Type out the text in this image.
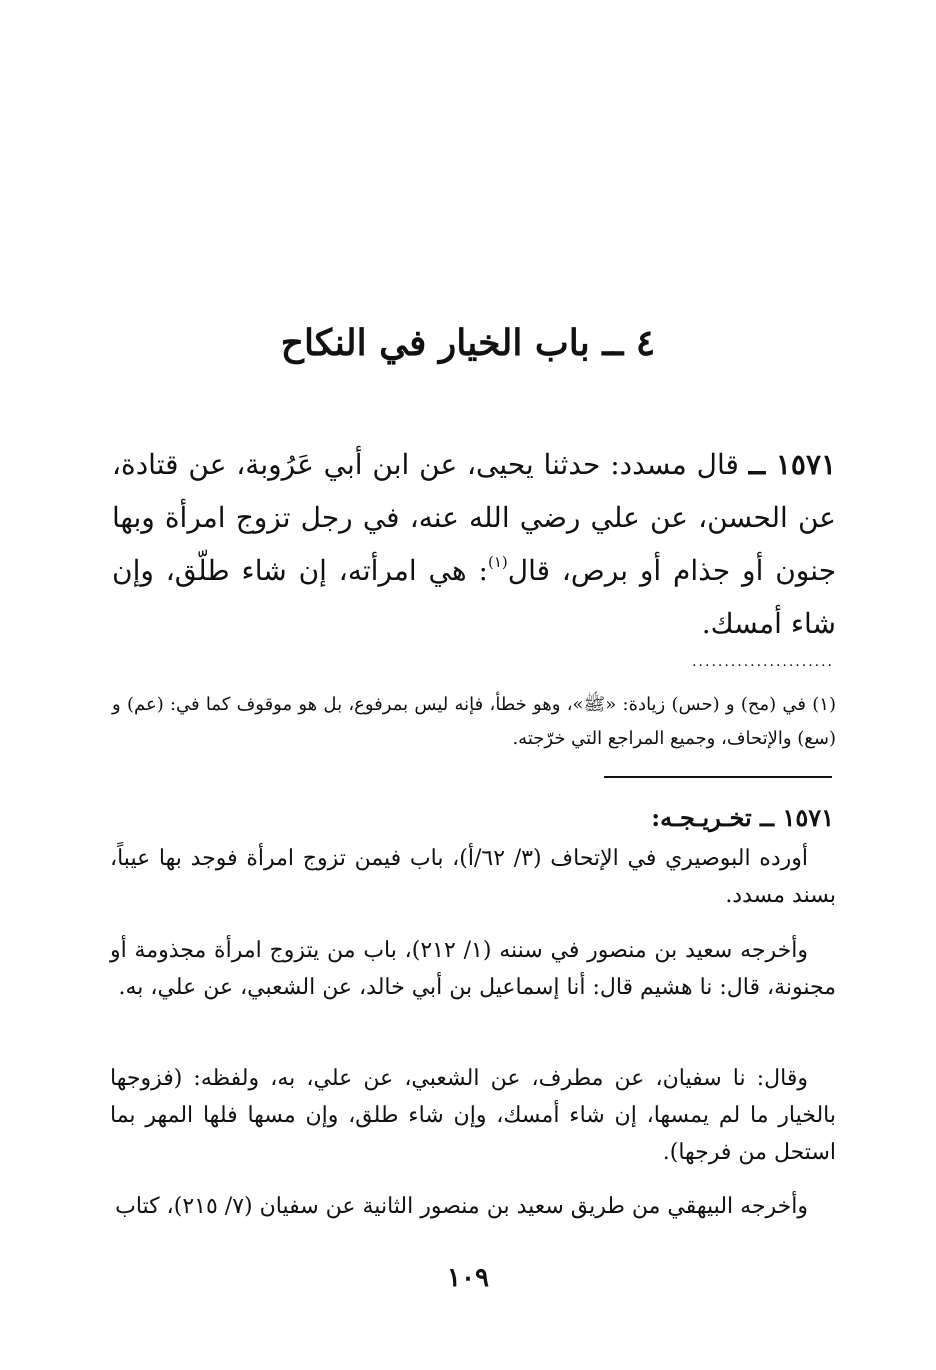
٤ ــ باب الخيار في النكاح
١٥٧١ ــ قال مسدد: حدثنا يحيى، عن ابن أبي عَرُوبة، عن قتادة، عن الحسن، عن علي رضي الله عنه، في رجل تزوج امرأة وبها جنون أو جذام أو برص، قال$^{(١)}$: هي امرأته، إن شاء طلّق، وإن شاء أمسك.
......................
(١) في (مح) و (حس) زيادة: «ﷺ»، وهو خطأ، فإنه ليس بمرفوع، بل هو موقوف كما في: (عم) و (سع) والإتحاف، وجميع المراجع التي خرّجته.
١٥٧١ ــ تخـريـجـه:
أورده البوصيري في الإتحاف (٣/ ٦٢/أ)، باب فيمن تزوج امرأة فوجد بها عيباً، بسند مسدد.
وأخرجه سعيد بن منصور في سننه (١/ ٢١٢)، باب من يتزوج امرأة مجذومة أو مجنونة، قال: نا هشيم قال: أنا إسماعيل بن أبي خالد، عن الشعبي، عن علي، به.
وقال: نا سفيان، عن مطرف، عن الشعبي، عن علي، به، ولفظه: (فزوجها بالخيار ما لم يمسها، إن شاء أمسك، وإن شاء طلق، وإن مسها فلها المهر بما استحل من فرجها).
وأخرجه البيهقي من طريق سعيد بن منصور الثانية عن سفيان (٧/ ٢١٥)، كتاب
١٠٩
